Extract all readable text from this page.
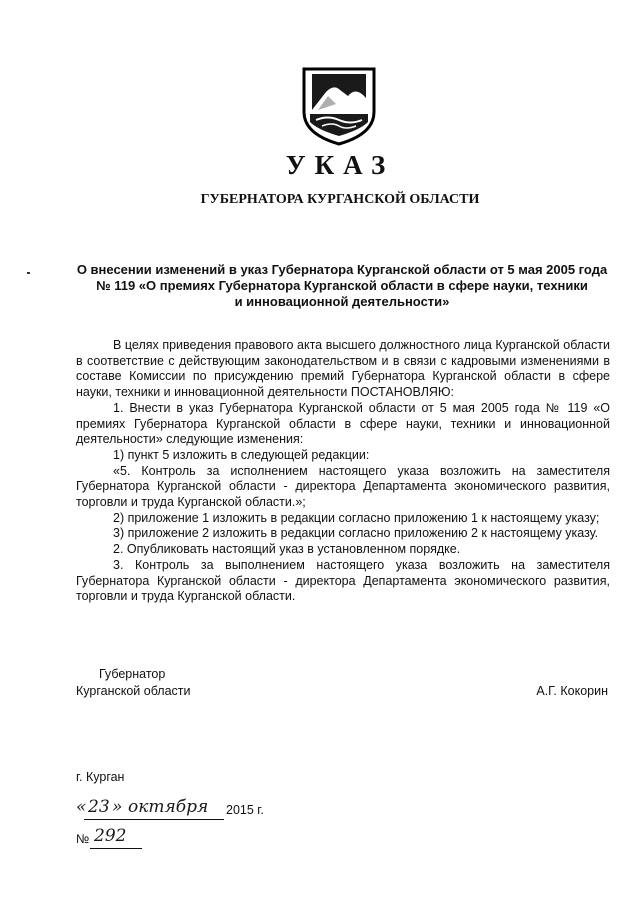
УКАЗ
ГУБЕРНАТОРА КУРГАНСКОЙ ОБЛАСТИ
О внесении изменений в указ Губернатора Курганской области от 5 мая 2005 года
№ 119 «О премиях Губернатора Курганской области в сфере науки, техники
и инновационной деятельности»
В целях приведения правового акта высшего должностного лица Курганской области в соответствие с действующим законодательством и в связи с кадровыми изменениями в составе Комиссии по присуждению премий Губернатора Курганской области в сфере науки, техники и инновационной деятельности ПОСТАНОВЛЯЮ:
1. Внести в указ Губернатора Курганской области от 5 мая 2005 года № 119 «О премиях Губернатора Курганской области в сфере науки, техники и инновационной деятельности» следующие изменения:
1) пункт 5 изложить в следующей редакции:
«5. Контроль за исполнением настоящего указа возложить на заместителя Губернатора Курганской области - директора Департамента экономического развития, торговли и труда Курганской области.»;
2) приложение 1 изложить в редакции согласно приложению 1 к настоящему указу;
3) приложение 2 изложить в редакции согласно приложению 2 к настоящему указу.
2. Опубликовать настоящий указ в установленном порядке.
3. Контроль за выполнением настоящего указа возложить на заместителя Губернатора Курганской области - директора Департамента экономического развития, торговли и труда Курганской области.
Губернатор
Курганской области	А.Г. Кокорин
г. Курган
« 23 » октября 2015 г.
№ 292
